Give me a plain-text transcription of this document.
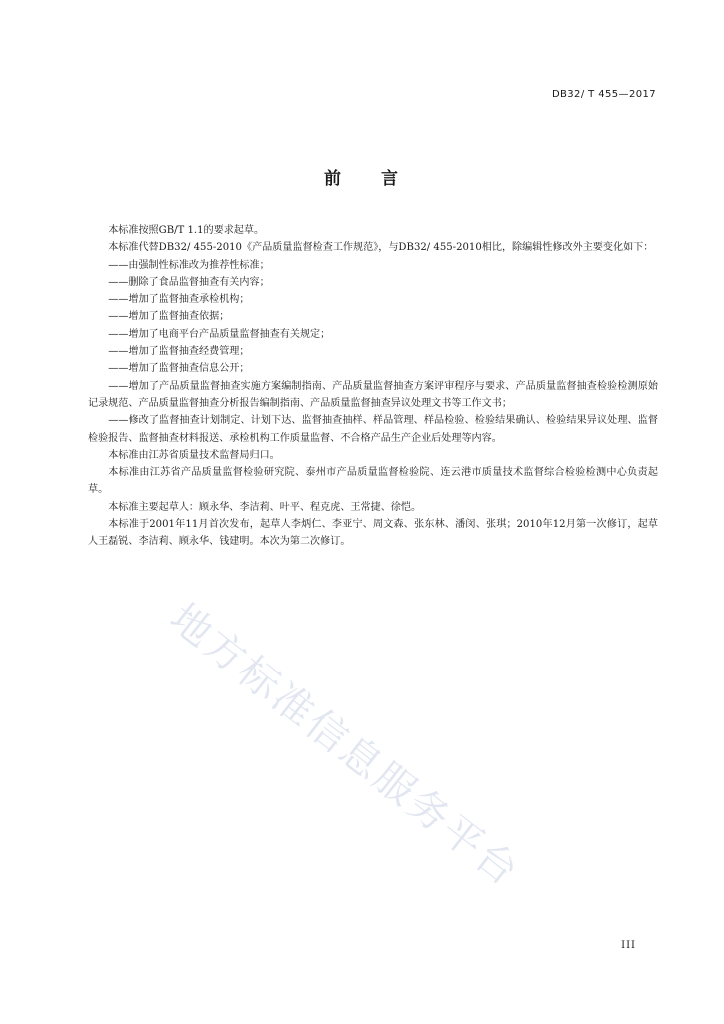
DB32/ T 455—2017
前 言

本标准按照GB/T 1.1的要求起草。

本标准代替DB32/ 455-2010《产品质量监督检查工作规范》，与DB32/ 455-2010相比，除编辑性修改外主要变化如下：

——由强制性标准改为推荐性标准；

——删除了食品监督抽查有关内容；

——增加了监督抽查承检机构；

——增加了监督抽查依据；

——增加了电商平台产品质量监督抽查有关规定；

——增加了监督抽查经费管理；

——增加了监督抽查信息公开；

——增加了产品质量监督抽查实施方案编制指南、产品质量监督抽查方案评审程序与要求、产品质量监督抽查检验检测原始记录规范、产品质量监督抽查分析报告编制指南、产品质量监督抽查异议处理文书等工作文书；

——修改了监督抽查计划制定、计划下达、监督抽查抽样、样品管理、样品检验、检验结果确认、检验结果异议处理、监督检验报告、监督抽查材料报送、承检机构工作质量监督、不合格产品生产企业后处理等内容。

本标准由江苏省质量技术监督局归口。

本标准由江苏省产品质量监督检验研究院、泰州市产品质量监督检验院、连云港市质量技术监督综合检验检测中心负责起草。

本标准主要起草人：顾永华、李洁莉、叶平、程克虎、王常捷、徐恺。

本标准于2001年11月首次发布，起草人李炳仁、李亚宁、周文森、张东林、潘闵、张琪；2010年12月第一次修订，起草人王磊锐、李洁莉、顾永华、钱建明。本次为第二次修订。

地方标准信息服务平台
III
